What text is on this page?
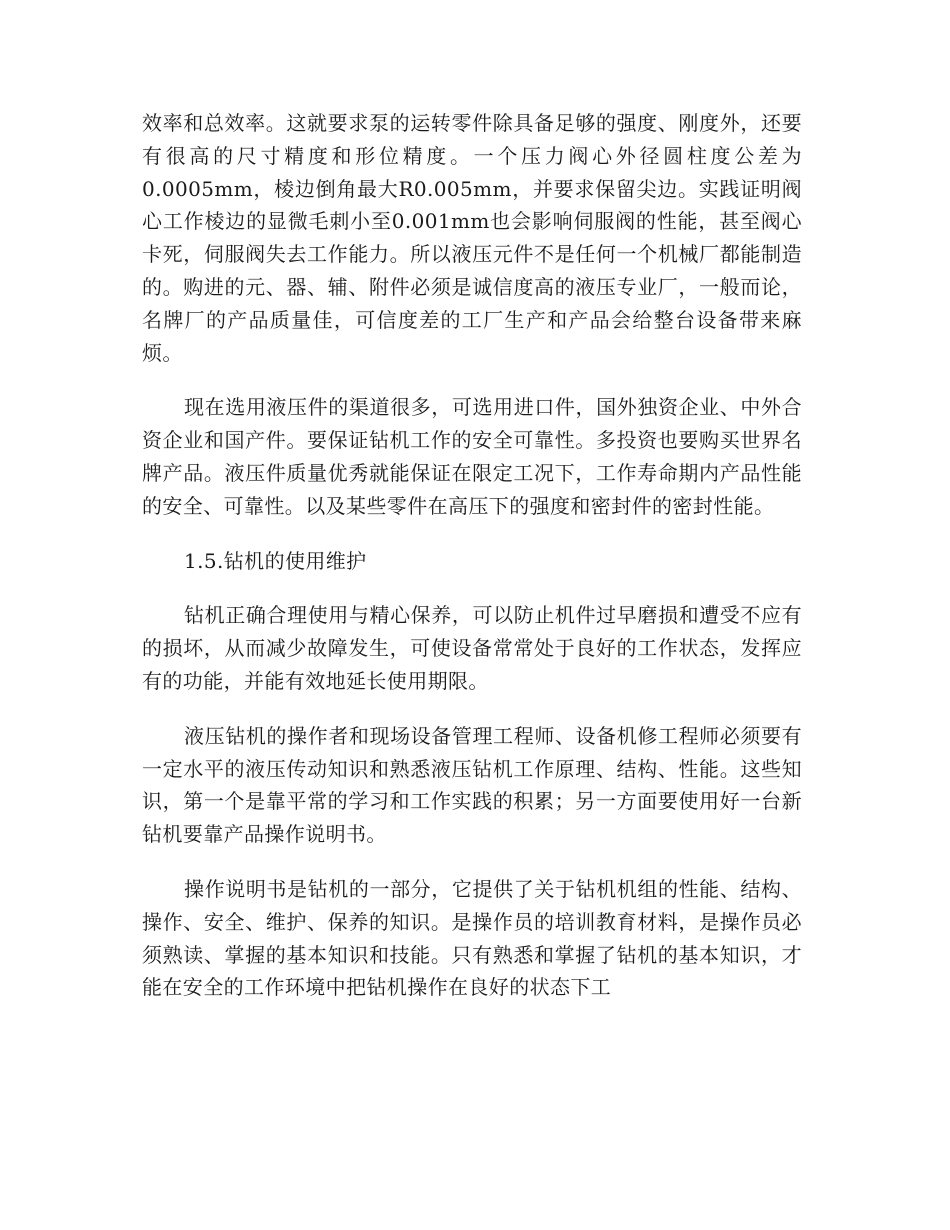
效率和总效率。这就要求泵的运转零件除具备足够的强度、刚度外，还要有很高的尺寸精度和形位精度。一个压力阀心外径圆柱度公差为0.0005mm，棱边倒角最大R0.005mm，并要求保留尖边。实践证明阀心工作棱边的显微毛刺小至0.001mm也会影响伺服阀的性能，甚至阀心卡死，伺服阀失去工作能力。所以液压元件不是任何一个机械厂都能制造的。购进的元、器、辅、附件必须是诚信度高的液压专业厂，一般而论，名牌厂的产品质量佳，可信度差的工厂生产和产品会给整台设备带来麻烦。

现在选用液压件的渠道很多，可选用进口件，国外独资企业、中外合资企业和国产件。要保证钻机工作的安全可靠性。多投资也要购买世界名牌产品。液压件质量优秀就能保证在限定工况下，工作寿命期内产品性能的安全、可靠性。以及某些零件在高压下的强度和密封件的密封性能。

1.5.钻机的使用维护

钻机正确合理使用与精心保养，可以防止机件过早磨损和遭受不应有的损坏，从而减少故障发生，可使设备常常处于良好的工作状态，发挥应有的功能，并能有效地延长使用期限。

液压钻机的操作者和现场设备管理工程师、设备机修工程师必须要有一定水平的液压传动知识和熟悉液压钻机工作原理、结构、性能。这些知识，第一个是靠平常的学习和工作实践的积累；另一方面要使用好一台新钻机要靠产品操作说明书。

操作说明书是钻机的一部分，它提供了关于钻机机组的性能、结构、操作、安全、维护、保养的知识。是操作员的培训教育材料，是操作员必须熟读、掌握的基本知识和技能。只有熟悉和掌握了钻机的基本知识，才能在安全的工作环境中把钻机操作在良好的状态下工
